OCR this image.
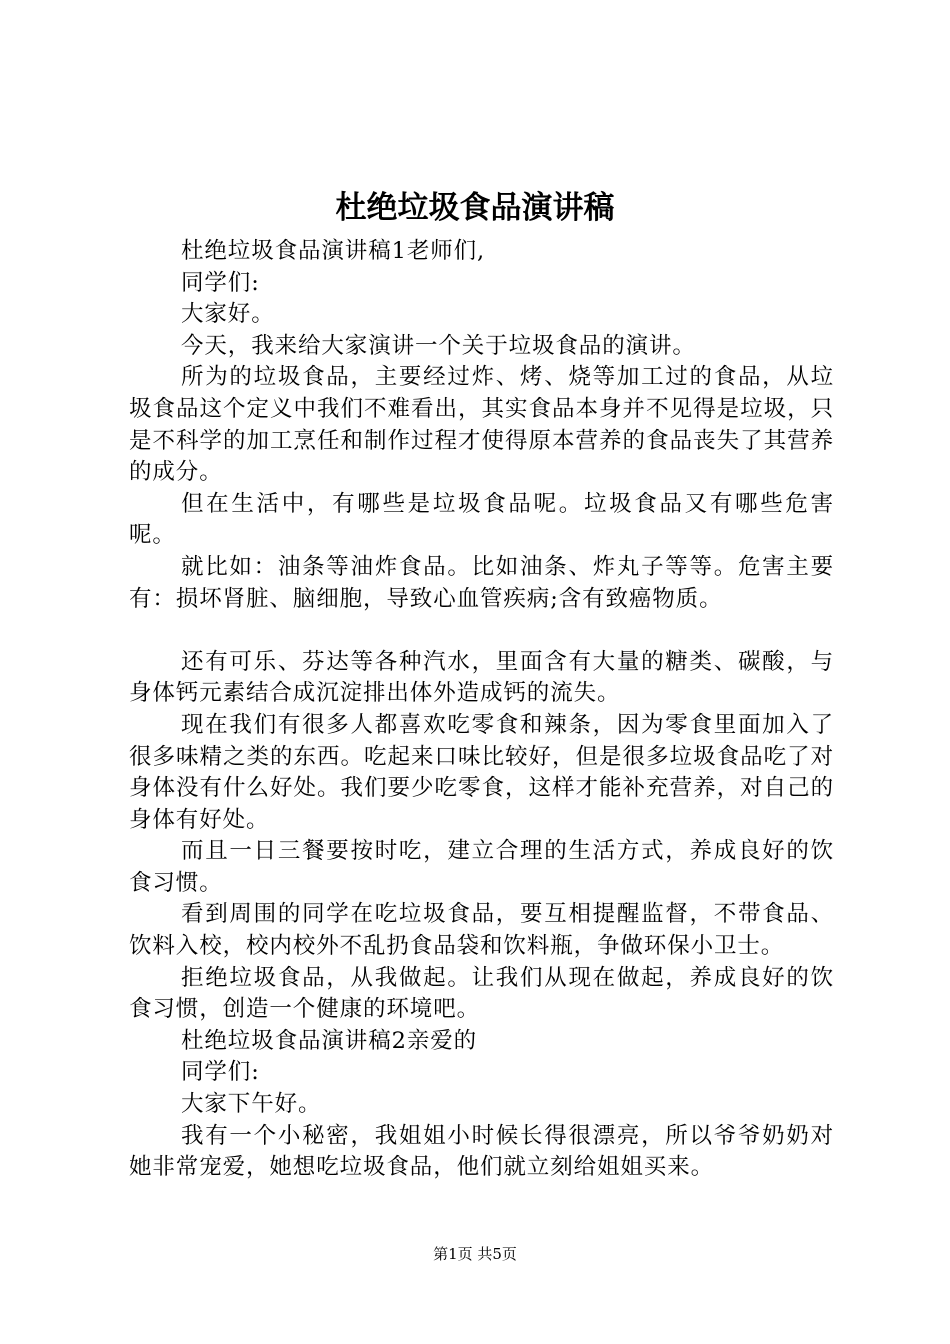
杜绝垃圾食品演讲稿

杜绝垃圾食品演讲稿1老师们,

同学们:

大家好。

今天，我来给大家演讲一个关于垃圾食品的演讲。

所为的垃圾食品，主要经过炸、烤、烧等加工过的食品，从垃圾食品这个定义中我们不难看出，其实食品本身并不见得是垃圾，只是不科学的加工烹任和制作过程才使得原本营养的食品丧失了其营养的成分。

但在生活中，有哪些是垃圾食品呢。垃圾食品又有哪些危害呢。

就比如：油条等油炸食品。比如油条、炸丸子等等。危害主要有：损坏肾脏、脑细胞，导致心血管疾病;含有致癌物质。

还有可乐、芬达等各种汽水，里面含有大量的糖类、碳酸，与身体钙元素结合成沉淀排出体外造成钙的流失。

现在我们有很多人都喜欢吃零食和辣条，因为零食里面加入了很多味精之类的东西。吃起来口味比较好，但是很多垃圾食品吃了对身体没有什么好处。我们要少吃零食，这样才能补充营养，对自己的身体有好处。

而且一日三餐要按时吃，建立合理的生活方式，养成良好的饮食习惯。

看到周围的同学在吃垃圾食品，要互相提醒监督，不带食品、饮料入校，校内校外不乱扔食品袋和饮料瓶，争做环保小卫士。

拒绝垃圾食品，从我做起。让我们从现在做起，养成良好的饮食习惯，创造一个健康的环境吧。

杜绝垃圾食品演讲稿2亲爱的

同学们:

大家下午好。

我有一个小秘密，我姐姐小时候长得很漂亮，所以爷爷奶奶对她非常宠爱，她想吃垃圾食品，他们就立刻给姐姐买来。

第1页 共5页
